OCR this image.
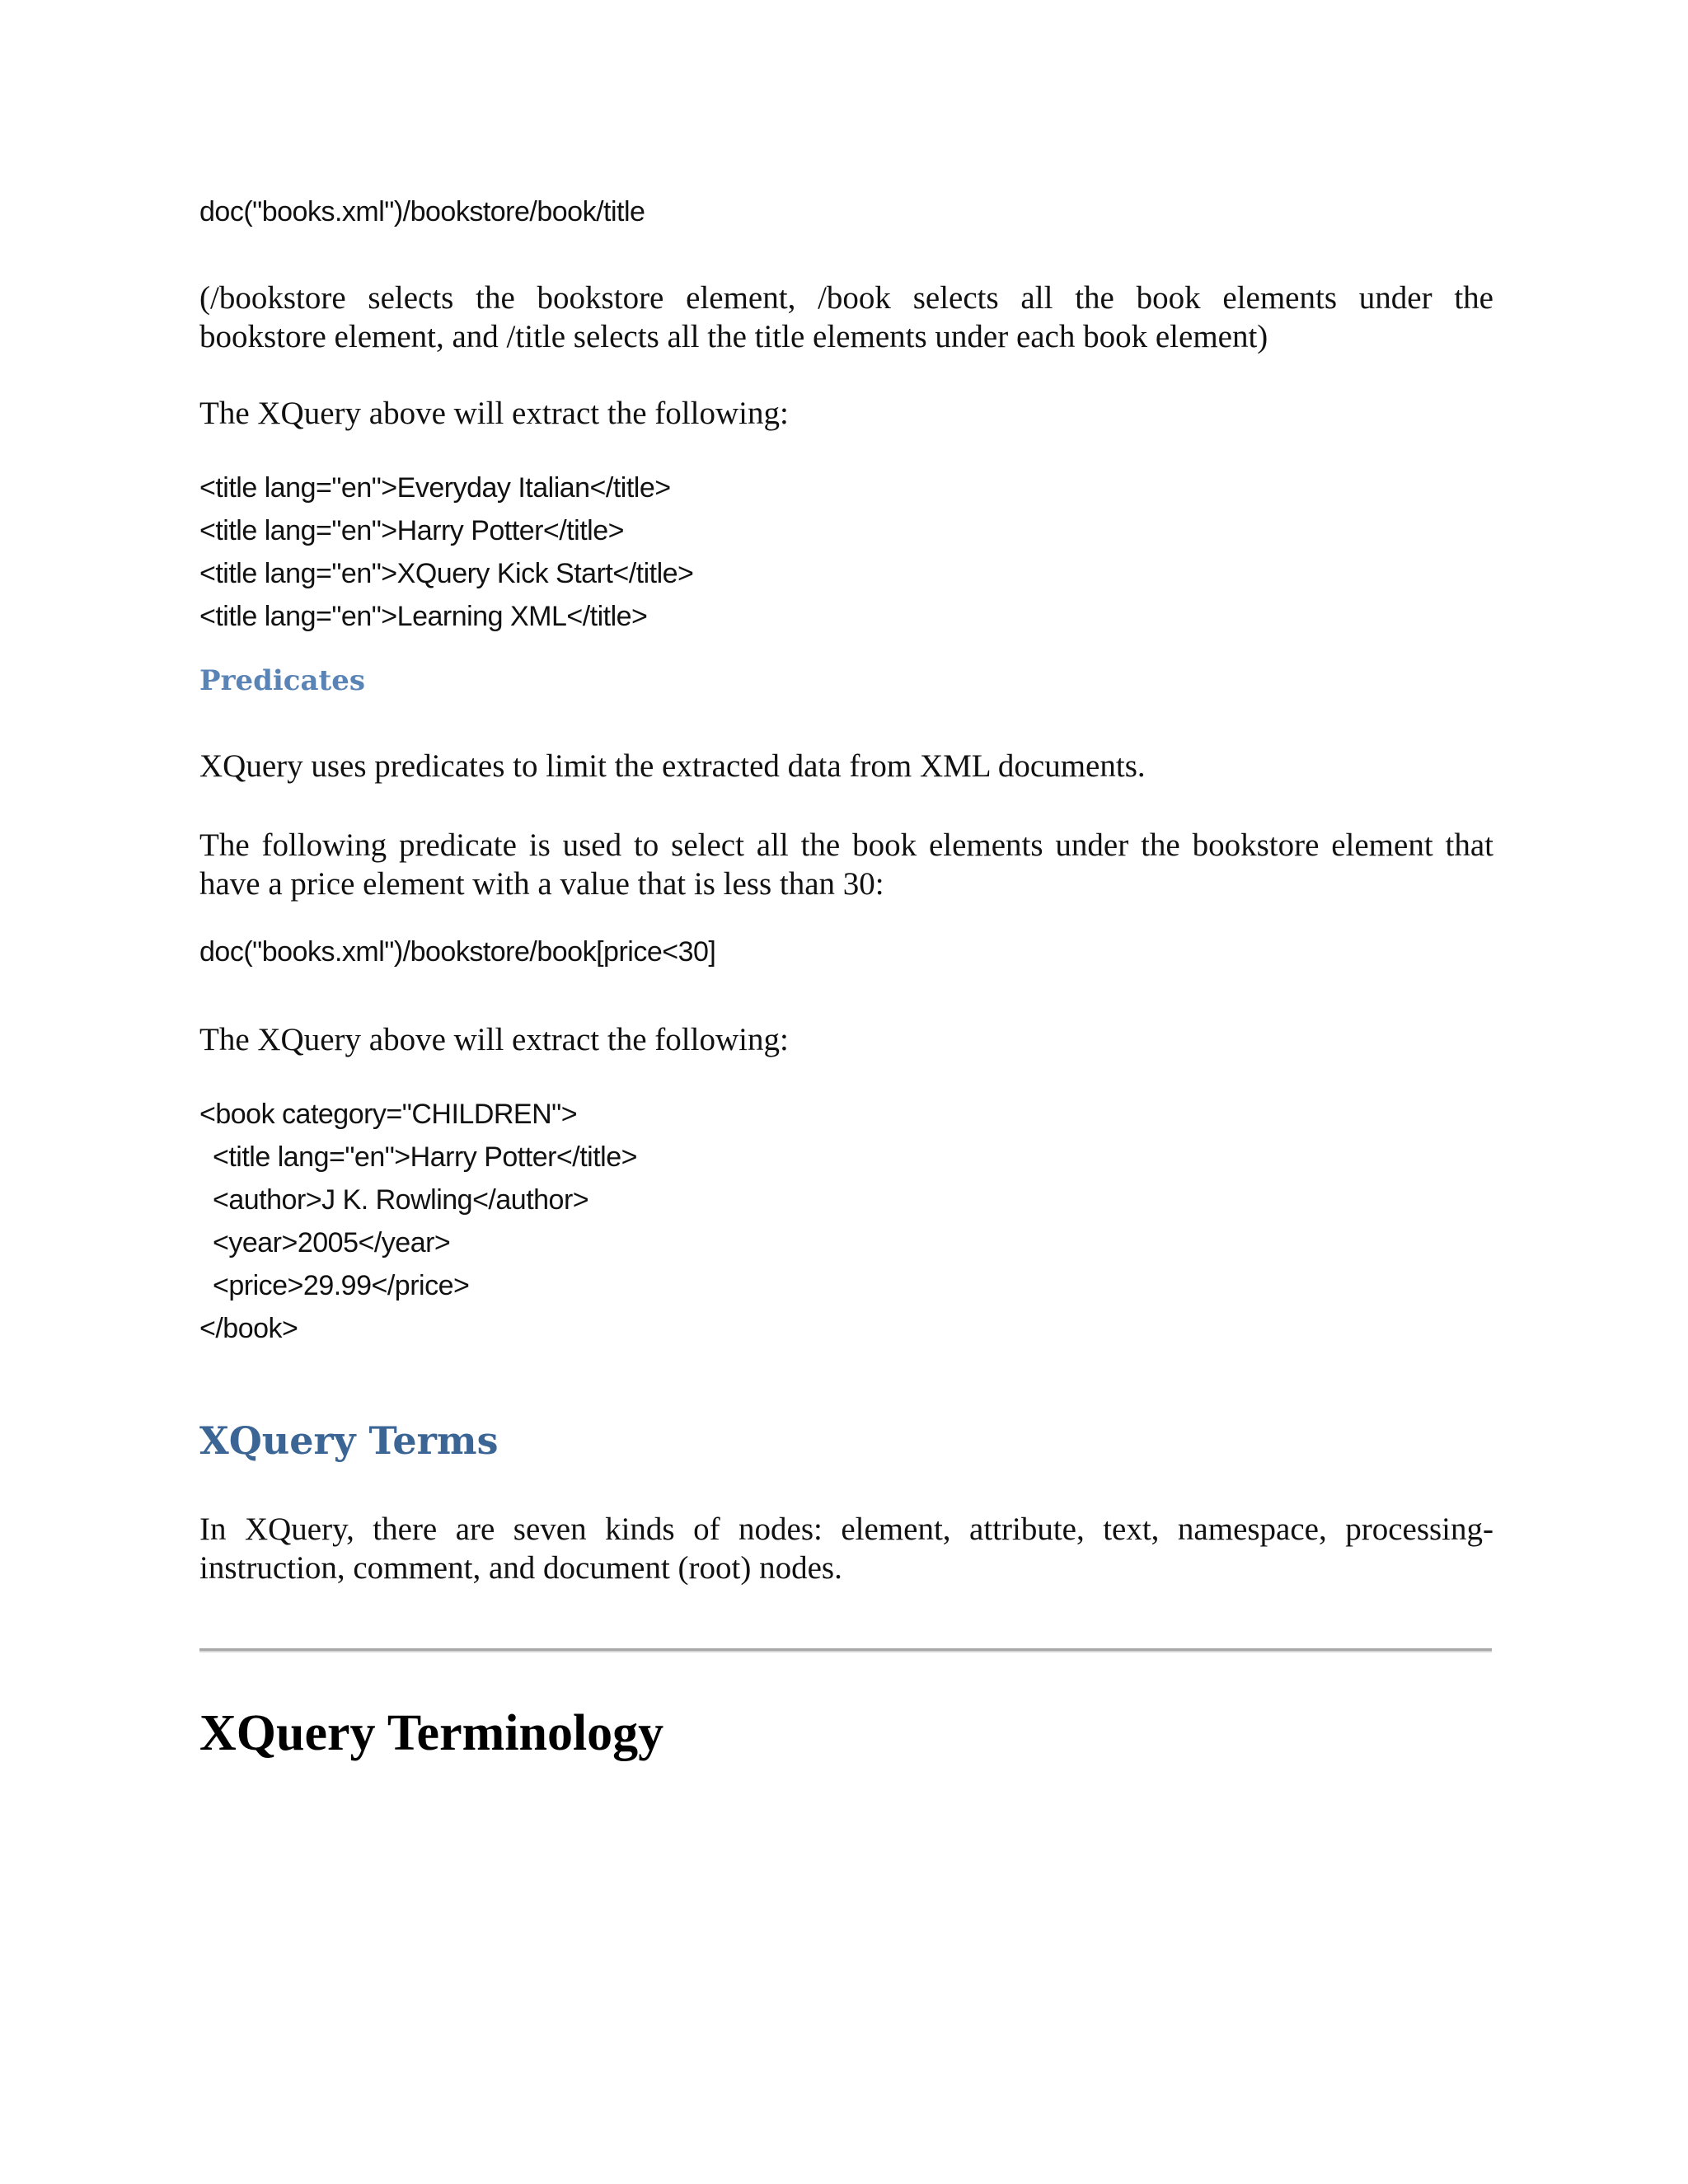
doc("books.xml")/bookstore/book/title

(/bookstore selects the bookstore element, /book selects all the book elements under the
bookstore element, and /title selects all the title elements under each book element)

The XQuery above will extract the following:

<title lang="en">Everyday Italian</title>
<title lang="en">Harry Potter</title>
<title lang="en">XQuery Kick Start</title>
<title lang="en">Learning XML</title>
Predicates

XQuery uses predicates to limit the extracted data from XML documents.

The following predicate is used to select all the book elements under the bookstore element that
have a price element with a value that is less than 30:

doc("books.xml")/bookstore/book[price<30]

The XQuery above will extract the following:

<book category="CHILDREN">
<title lang="en">Harry Potter</title>
<author>J K. Rowling</author>
<year>2005</year>
<price>29.99</price>
</book>
XQuery Terms
In XQuery, there are seven kinds of nodes: element, attribute, text, namespace, processing-
instruction, comment, and document (root) nodes.
XQuery Terminology
